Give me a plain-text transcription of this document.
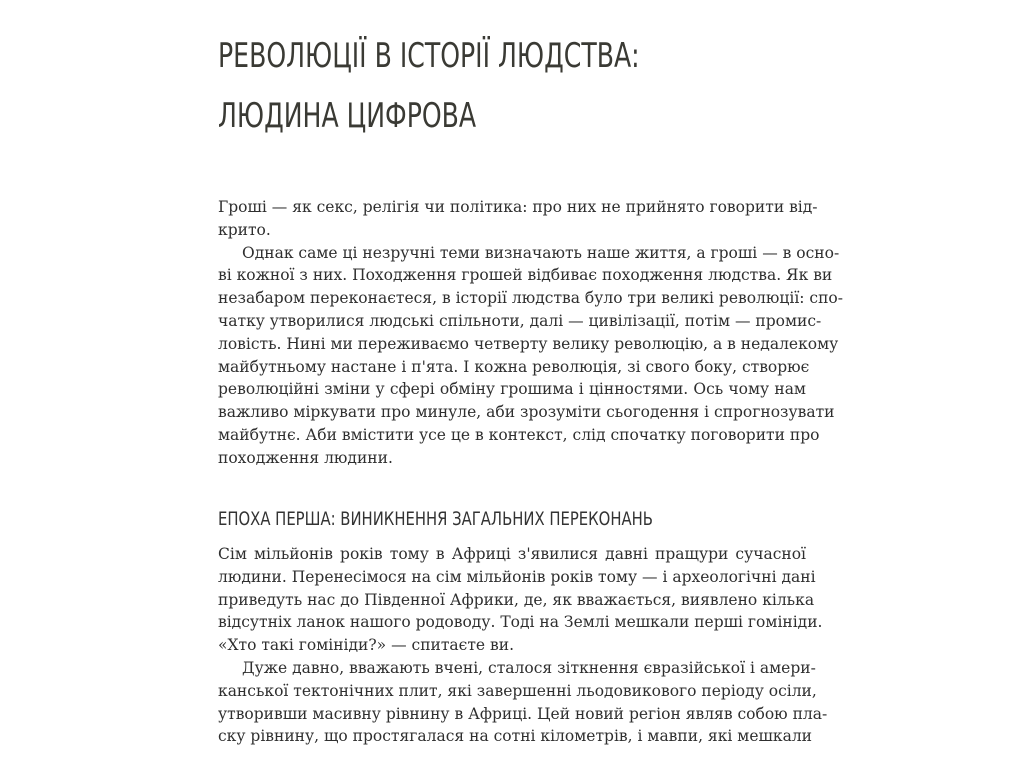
РЕВОЛЮЦІЇ В ІСТОРІЇ ЛЮДСТВА:
ЛЮДИНА ЦИФРОВА
Гроші — як секс, релігія чи політика: про них не прийнято говорити від-
крито.
Однак саме ці незручні теми визначають наше життя, а гроші — в осно-
ві кожної з них. Походження грошей відбиває походження людства. Як ви
незабаром переконаєтеся, в історії людства було три великі революції: спо-
чатку утворилися людські спільноти, далі — цивілізації, потім — промис-
ловість. Нині ми переживаємо четверту велику революцію, а в недалекому
майбутньому настане і п'ята. І кожна революція, зі свого боку, створює
революційні зміни у сфері обміну грошима і цінностями. Ось чому нам
важливо міркувати про минуле, аби зрозуміти сьогодення і спрогнозувати
майбутнє. Аби вмістити усе це в контекст, слід спочатку поговорити про
походження людини.
ЕПОХА ПЕРША: ВИНИКНЕННЯ ЗАГАЛЬНИХ ПЕРЕКОНАНЬ
Сім мільйонів років тому в Африці з'явилися давні пращури сучасної
людини. Перенесімося на сім мільйонів років тому — і археологічні дані
приведуть нас до Південної Африки, де, як вважається, виявлено кілька
відсутніх ланок нашого родоводу. Тоді на Землі мешкали перші гомініди.
«Хто такі гомініди?» — спитаєте ви.
Дуже давно, вважають вчені, сталося зіткнення євразійської і амери-
канської тектонічних плит, які завершенні льодовикового періоду осіли,
утворивши масивну рівнину в Африці. Цей новий регіон являв собою пла-
ску рівнину, що простягалася на сотні кілометрів, і мавпи, які мешкали
